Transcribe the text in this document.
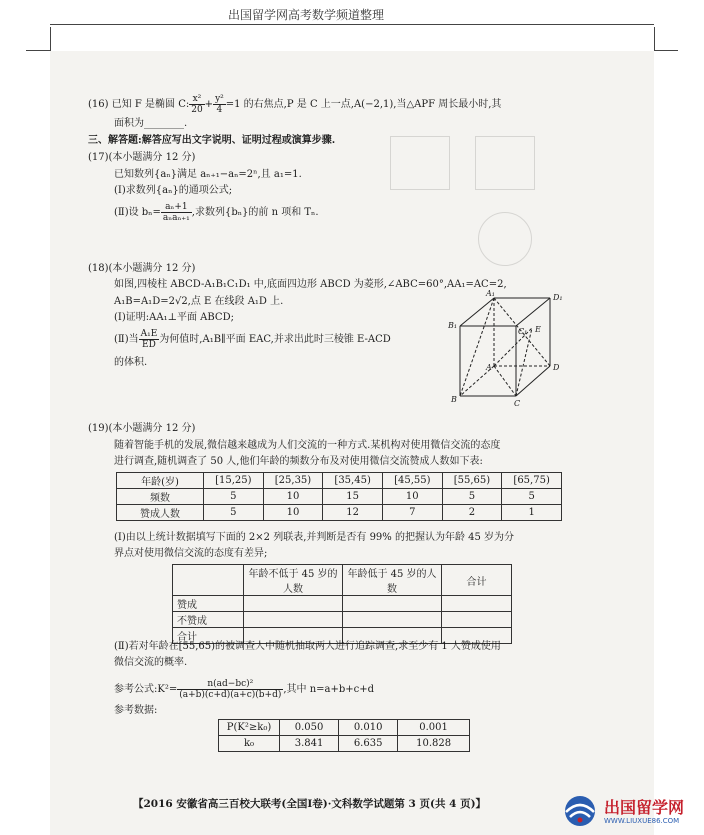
出国留学网高考数学频道整理
(16) 已知 F 是椭圆 C: $\frac{\text{x²}}{20} + \frac{\text{y²}}{4} =1$ 的右焦点,P 是 C 上一点,A(−2,1),当△APF 周长最小时,其
面积为________.
三、解答题:解答应写出文字说明、证明过程或演算步骤.
(17)(本小题满分 12 分)
已知数列{aₙ}满足 aₙ₊₁−aₙ=2ⁿ,且 a₁=1.
(Ⅰ)求数列{aₙ}的通项公式;
(Ⅱ)设 $b_n= \frac{\text{aₙ+1}}{\text{aₙaₙ₊₁}}$ ,求数列{bₙ}的前 n 项和 Tₙ.
(18)(本小题满分 12 分)
如图,四棱柱 ABCD-A₁B₁C₁D₁ 中,底面四边形 ABCD 为菱形,∠ABC=60°,AA₁=AC=2,
A₁B=A₁D=2√2,点 E 在线段 A₁D 上.
(Ⅰ)证明:AA₁⊥平面 ABCD;
(Ⅱ)当 $\frac{\text{A₁E}}{ED}$ 为何值时,A₁B∥平面 EAC,并求出此时三棱锥 E-ACD
的体积.
A₁	D₁
B₁
C₁ E
A
B	C
D
(19)(本小题满分 12 分)
随着智能手机的发展,微信越来越成为人们交流的一种方式.某机构对使用微信交流的态度
进行调查,随机调查了 50 人,他们年龄的频数分布及对使用微信交流赞成人数如下表:
年龄(岁)	[15,25)	[25,35)	[35,45)	[45,55)	[55,65)	[65,75)
频数	5	10	15	10	5	5
赞成人数	5	10	12	7	2	1
(Ⅰ)由以上统计数据填写下面的 2×2 列联表,并判断是否有 99% 的把握认为年龄 45 岁为分
界点对使用微信交流的态度有差异;
	年龄不低于 45 岁的人数	年龄低于 45 岁的人数	合计
赞成			
不赞成			
合计			
(Ⅱ)若对年龄在[55,65)的被调查人中随机抽取两人进行追踪调查,求至少有 1 人赞成使用
微信交流的概率.
参考公式:K²= $\frac{\text{n(ad−bc)²}}{(a+b)(c+d)(a+c)(b+d)}$ ,其中 n=a+b+c+d
参考数据:
P(K²≥k₀)	0.050	0.010	0.001
k₀	3.841	6.635	10.828
【2016 安徽省高三百校大联考(全国Ⅰ卷)·文科数学试题第 3 页(共 4 页)】	出国留学网
WWW.LIUXUE86.COM
